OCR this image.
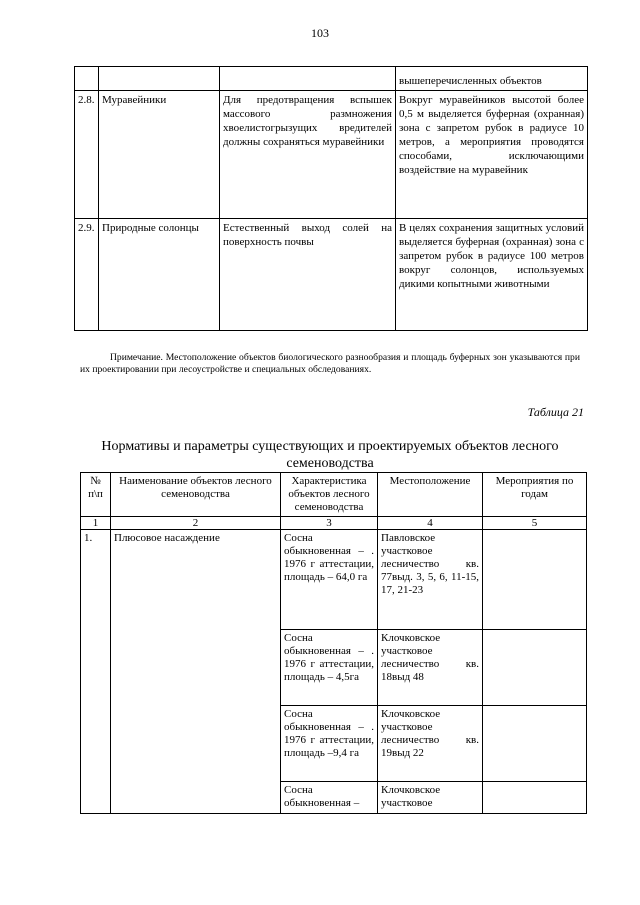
103
			вышеперечисленных объектов
2.8.	Муравейники	Для предотвращения вспышек массового размножения хвоелистогрызущих вредителей должны сохраняться муравейники	Вокруг муравейников высотой более 0,5 м выделяется буферная (охранная) зона с запретом рубок в радиусе 10 метров, а мероприятия проводятся способами, исключающими воздействие на муравейник
2.9.	Природные солонцы	Естественный выход солей на поверхность почвы	В целях сохранения защитных условий выделяется буферная (охранная) зона с запретом рубок в радиусе 100 метров вокруг солонцов, используемых дикими копытными животными
Примечание. Местоположение объектов биологического разнообразия и площадь буферных зон указываются при их проектировании при лесоустройстве и специальных обследованиях.
Таблица 21
Нормативы и параметры существующих и проектируемых объектов лесного семеноводства
№ п\п	Наименование объектов лесного семеноводства	Характеристика объектов лесного семеноводства	Местоположение	Мероприятия по годам
1	2	3	4	5
1.	Плюсовое насаждение	Сосна обыкновенная – . 1976 г аттестации, площадь – 64,0 га	Павловское участковое лесничество кв. 77выд. 3, 5, 6, 11-15, 17, 21-23	
		Сосна обыкновенная – . 1976 г аттестации, площадь – 4,5га	Клочковское участковое лесничество кв. 18выд 48	
		Сосна обыкновенная – . 1976 г аттестации, площадь –9,4 га	Клочковское участковое лесничество кв. 19выд 22	
		Сосна обыкновенная –	Клочковское участковое	
